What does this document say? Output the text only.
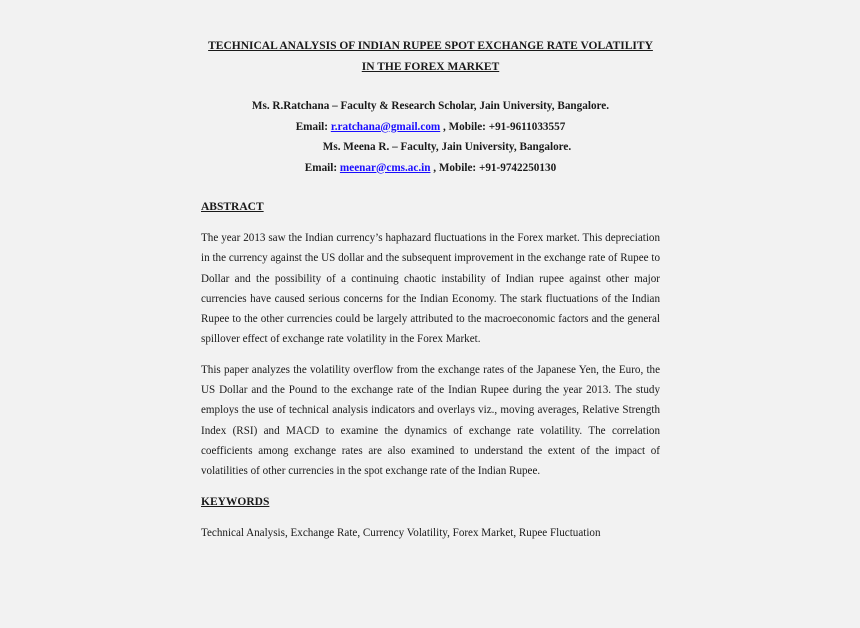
TECHNICAL ANALYSIS OF INDIAN RUPEE SPOT EXCHANGE RATE VOLATILITY
IN THE FOREX MARKET

Ms. R.Ratchana – Faculty & Research Scholar, Jain University, Bangalore.
Email: r.ratchana@gmail.com , Mobile: +91-9611033557
Ms. Meena R. – Faculty, Jain University, Bangalore.
Email: meenar@cms.ac.in , Mobile: +91-9742250130

ABSTRACT

The year 2013 saw the Indian currency’s haphazard fluctuations in the Forex market. This depreciation in the currency against the US dollar and the subsequent improvement in the exchange rate of Rupee to Dollar and the possibility of a continuing chaotic instability of Indian rupee against other major currencies have caused serious concerns for the Indian Economy. The stark fluctuations of the Indian Rupee to the other currencies could be largely attributed to the macroeconomic factors and the general spillover effect of exchange rate volatility in the Forex Market.

This paper analyzes the volatility overflow from the exchange rates of the Japanese Yen, the Euro, the US Dollar and the Pound to the exchange rate of the Indian Rupee during the year 2013. The study employs the use of technical analysis indicators and overlays viz., moving averages, Relative Strength Index (RSI) and MACD to examine the dynamics of exchange rate volatility. The correlation coefficients among exchange rates are also examined to understand the extent of the impact of volatilities of other currencies in the spot exchange rate of the Indian Rupee.

KEYWORDS

Technical Analysis, Exchange Rate, Currency Volatility, Forex Market, Rupee Fluctuation
